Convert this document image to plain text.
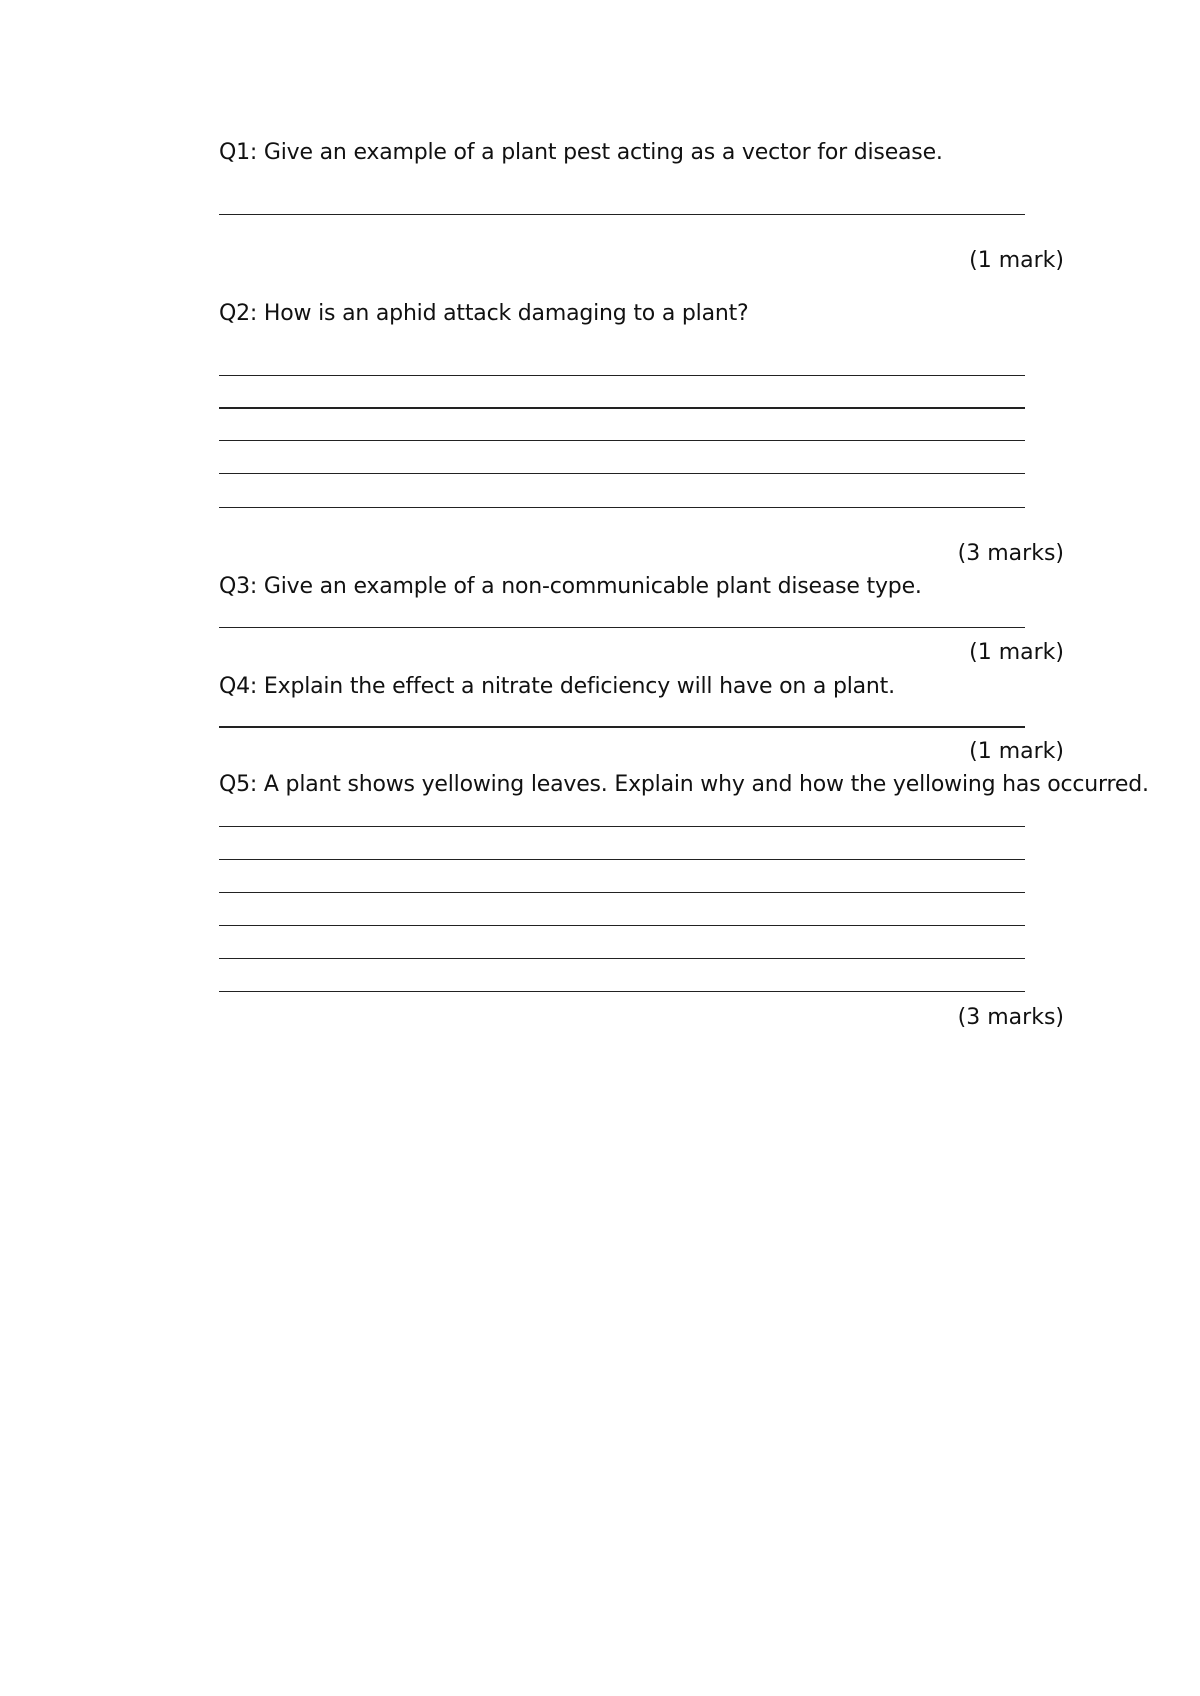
Q1: Give an example of a plant pest acting as a vector for disease.
(1 mark)
Q2: How is an aphid attack damaging to a plant?
(3 marks)
Q3: Give an example of a non-communicable plant disease type.
(1 mark)
Q4: Explain the effect a nitrate deficiency will have on a plant.
(1 mark)
Q5: A plant shows yellowing leaves. Explain why and how the yellowing has occurred.
(3 marks)
